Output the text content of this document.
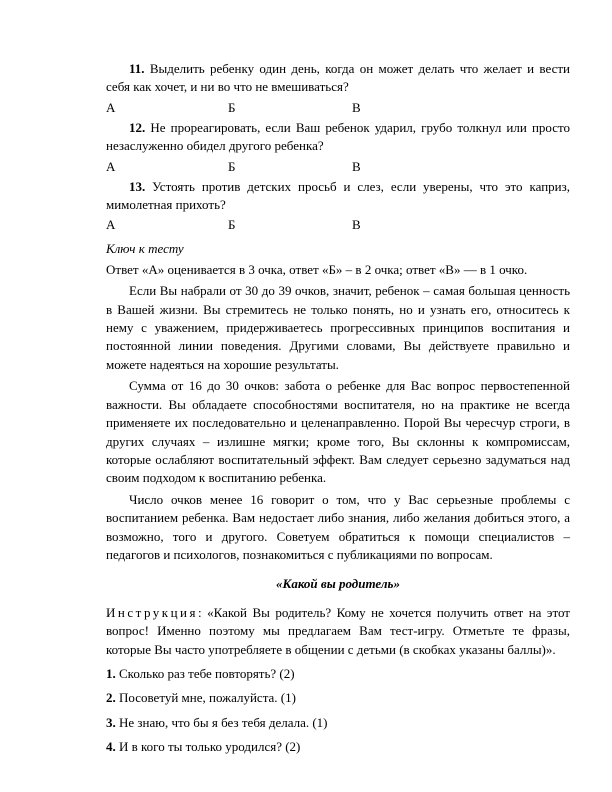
11. Выделить ребенку один день, когда он может делать что желает и вести себя как хочет, и ни во что не вмешиваться?

А	Б	В

12. Не прореагировать, если Ваш ребенок ударил, грубо толкнул или просто незаслуженно обидел другого ребенка?

А	Б	В

13. Устоять против детских просьб и слез, если уверены, что это каприз, мимолетная прихоть?

А	Б	В

Ключ к тесту

Ответ «А» оценивается в 3 очка, ответ «Б» – в 2 очка; ответ «В» — в 1 очко.

Если Вы набрали от 30 до 39 очков, значит, ребенок – самая большая ценность в Вашей жизни. Вы стремитесь не только понять, но и узнать его, относитесь к нему с уважением, придерживаетесь прогрессивных принципов воспитания и постоянной линии поведения. Другими словами, Вы действуете правильно и можете надеяться на хорошие результаты.

Сумма от 16 до 30 очков: забота о ребенке для Вас вопрос первостепенной важности. Вы обладаете способностями воспитателя, но на практике не всегда применяете их последовательно и целенаправленно. Порой Вы чересчур строги, в других случаях – излишне мягки; кроме того, Вы склонны к компромиссам, которые ослабляют воспитательный эффект. Вам следует серьезно задуматься над своим подходом к воспитанию ребенка.

Число очков менее 16 говорит о том, что у Вас серьезные проблемы с воспитанием ребенка. Вам недостает либо знания, либо желания добиться этого, а возможно, того и другого. Советуем обратиться к помощи специалистов – педагогов и психологов, познакомиться с публикациями по вопросам.

«Какой вы родитель»

Инструкция: «Какой Вы родитель? Кому не хочется получить ответ на этот вопрос! Именно поэтому мы предлагаем Вам тест-игру. Отметьте те фразы, которые Вы часто употребляете в общении с детьми (в скобках указаны баллы)».

1. Сколько раз тебе повторять? (2)

2. Посоветуй мне, пожалуйста. (1)

3. Не знаю, что бы я без тебя делала. (1)

4. И в кого ты только уродился? (2)
